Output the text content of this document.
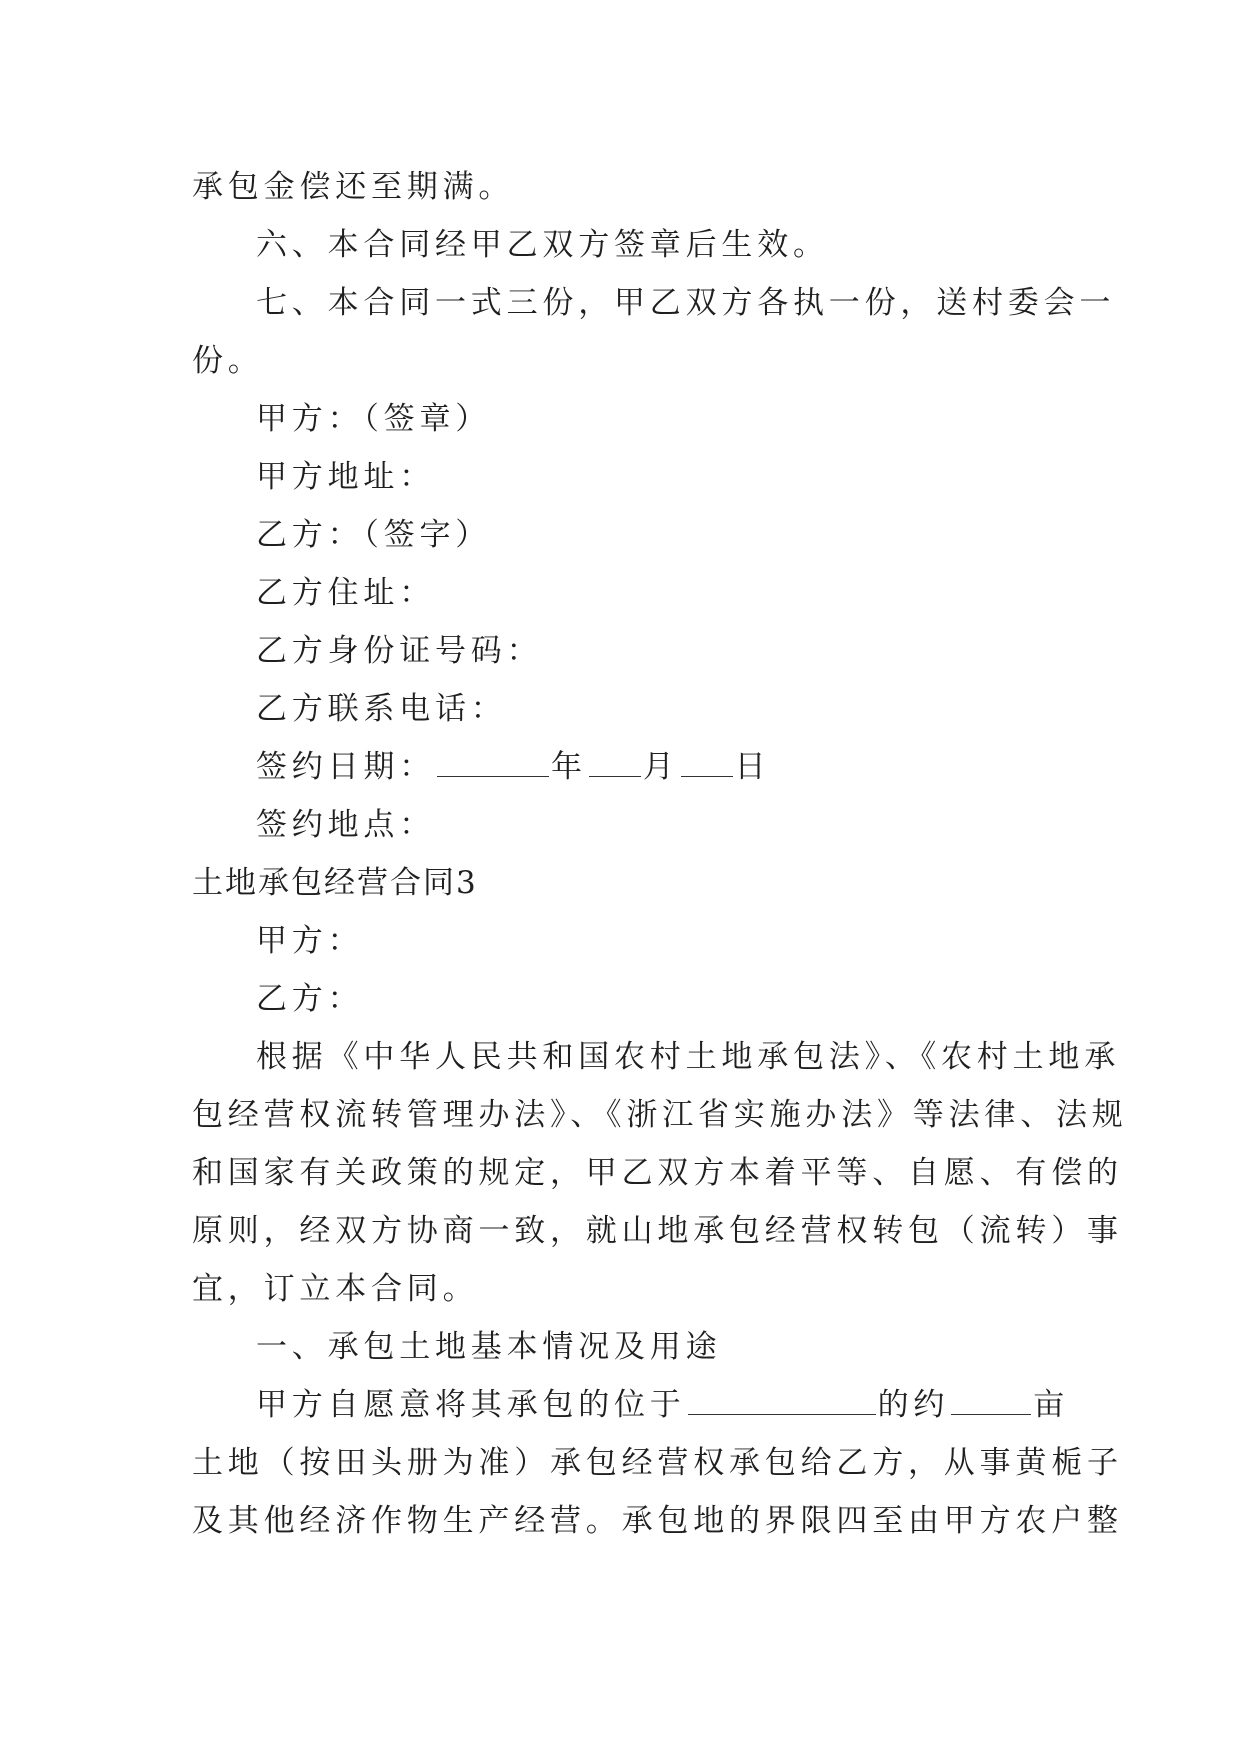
承包金偿还至期满。
六、本合同经甲乙双方签章后生效。
七、本合同一式三份，甲乙双方各执一份，送村委会一
份。
甲方：（签章）
甲方地址：
乙方：（签字）
乙方住址：
乙方身份证号码：
乙方联系电话：
签约日期：	年 月 日
签约地点：
土地承包经营合同3
甲方：
乙方：
根据《中华人民共和国农村土地承包法》、《农村土地承
包经营权流转管理办法》、《浙江省实施办法》等法律、法规
和国家有关政策的规定，甲乙双方本着平等、自愿、有偿的
原则，经双方协商一致，就山地承包经营权转包（流转）事
宜，订立本合同。
一、承包土地基本情况及用途
甲方自愿意将其承包的位于	的约	亩
土地（按田头册为准）承包经营权承包给乙方，从事黄栀子
及其他经济作物生产经营。承包地的界限四至由甲方农户整
